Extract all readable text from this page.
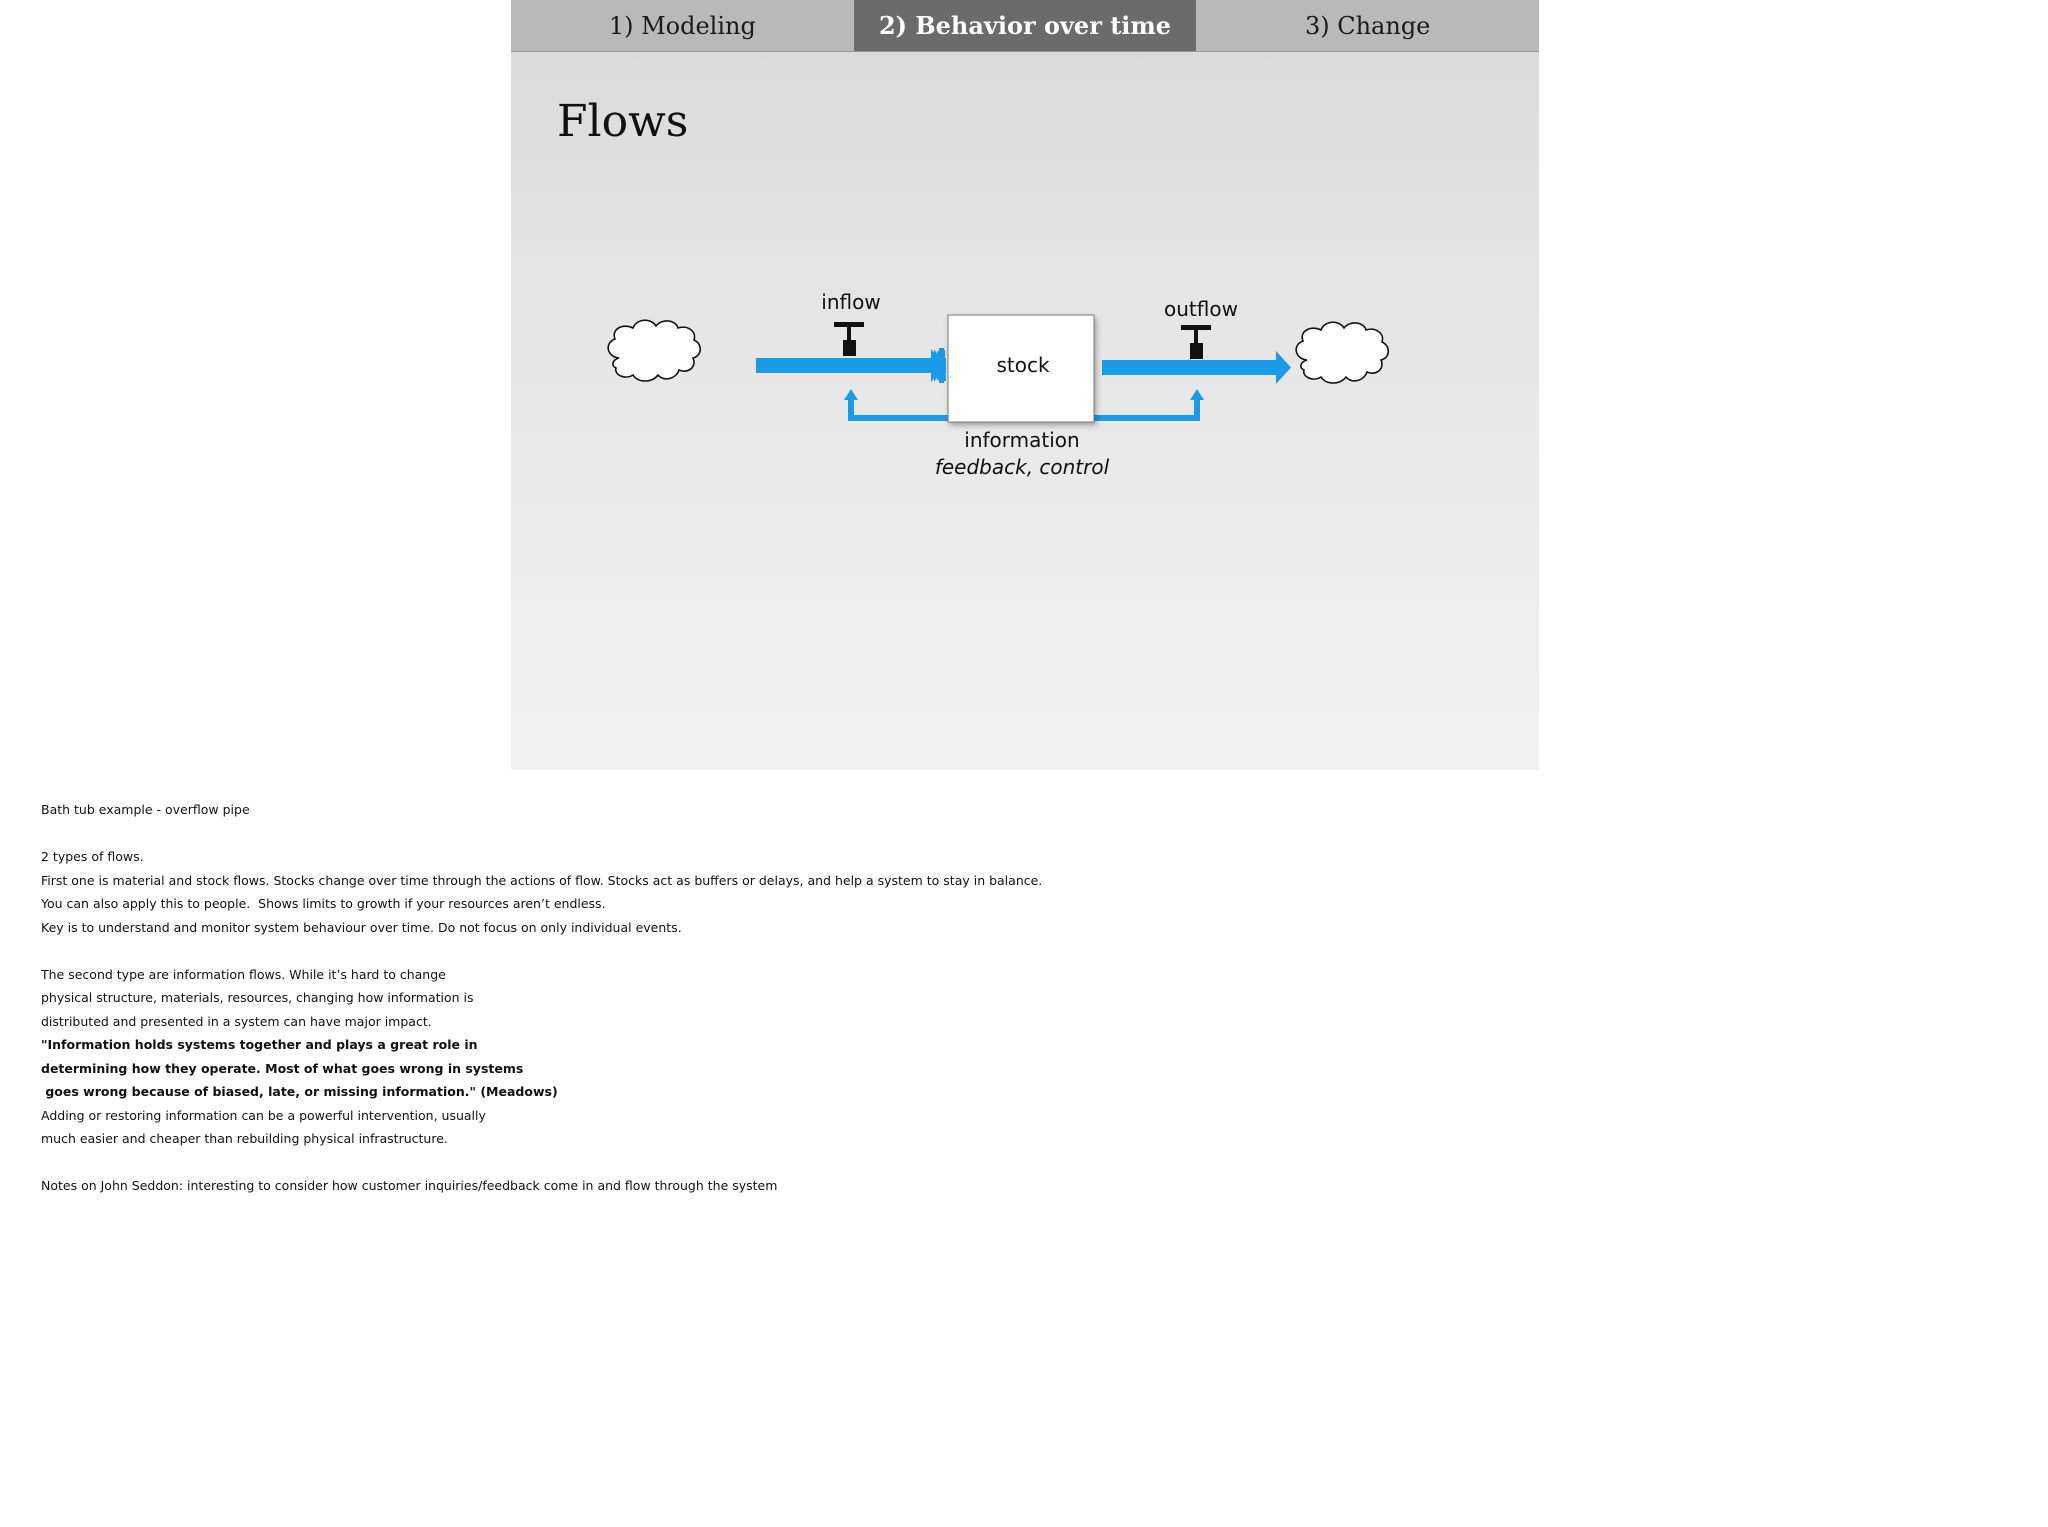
1) Modeling	2) Behavior over time	3) Change
Flows
inflow	outflow
stock
information
feedback, control
Bath tub example - overflow pipe
2 types of flows.
First one is material and stock flows. Stocks change over time through the actions of flow. Stocks act as buffers or delays, and help a system to stay in balance.
You can also apply this to people.  Shows limits to growth if your resources aren’t endless.
Key is to understand and monitor system behaviour over time. Do not focus on only individual events.
The second type are information flows. While it’s hard to change
physical structure, materials, resources, changing how information is
distributed and presented in a system can have major impact.
"Information holds systems together and plays a great role in
determining how they operate. Most of what goes wrong in systems
goes wrong because of biased, late, or missing information." (Meadows)
Adding or restoring information can be a powerful intervention, usually
much easier and cheaper than rebuilding physical infrastructure.
Notes on John Seddon: interesting to consider how customer inquiries/feedback come in and flow through the system
